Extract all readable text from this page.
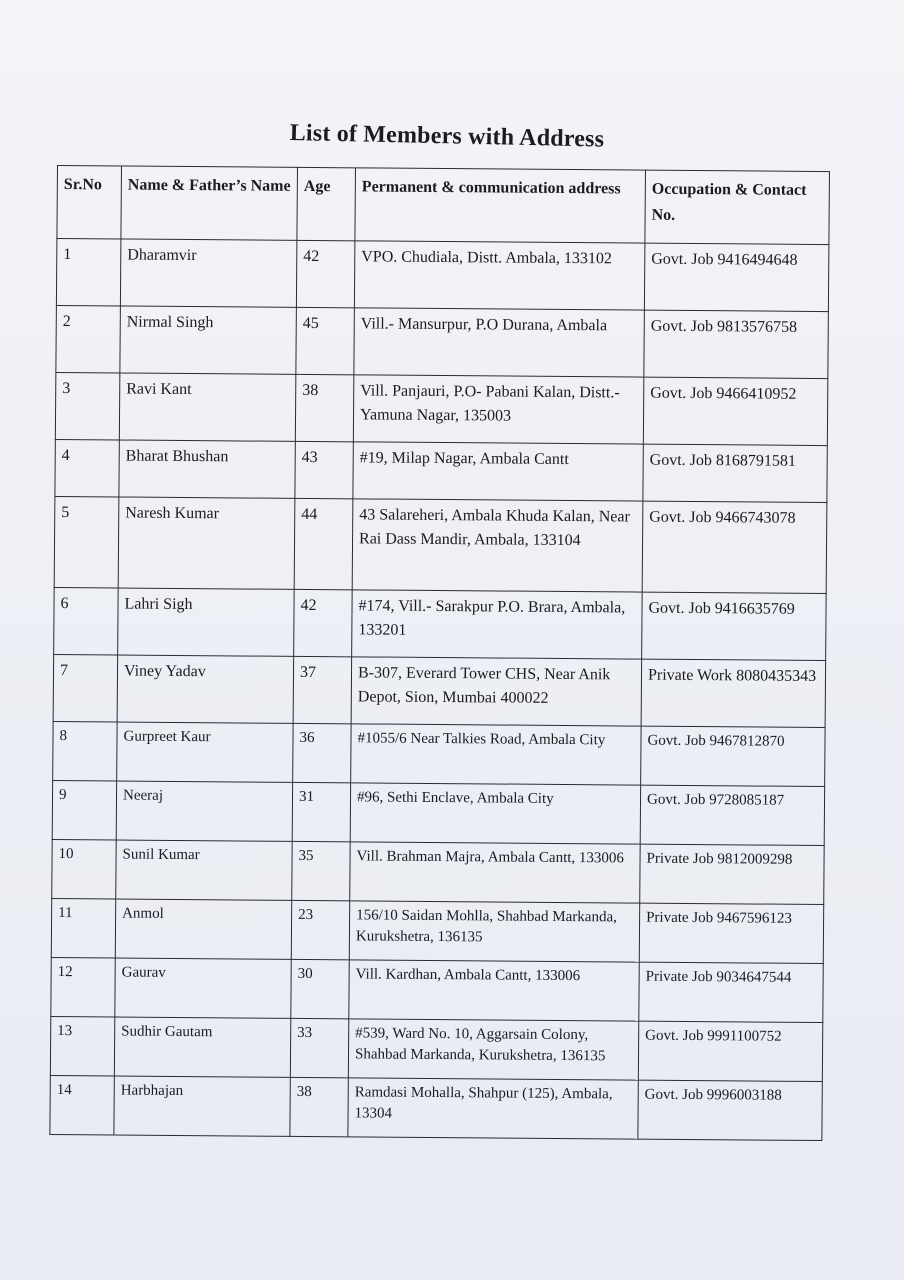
List of Members with Address
Sr.No	Name & Father’s Name	Age	Permanent & communication address	Occupation & Contact No.
1	Dharamvir	42	VPO. Chudiala, Distt. Ambala, 133102	Govt. Job 9416494648
2	Nirmal Singh	45	Vill.- Mansurpur, P.O Durana, Ambala	Govt. Job 9813576758
3	Ravi Kant	38	Vill. Panjauri, P.O- Pabani Kalan, Distt.- Yamuna Nagar, 135003	Govt. Job 9466410952
4	Bharat Bhushan	43	#19, Milap Nagar, Ambala Cantt	Govt. Job 8168791581
5	Naresh Kumar	44	43 Salareheri, Ambala Khuda Kalan, Near Rai Dass Mandir, Ambala, 133104	Govt. Job 9466743078
6	Lahri Sigh	42	#174, Vill.- Sarakpur P.O. Brara, Ambala, 133201	Govt. Job 9416635769
7	Viney Yadav	37	B-307, Everard Tower CHS, Near Anik Depot, Sion, Mumbai 400022	Private Work 8080435343
8	Gurpreet Kaur	36	#1055/6 Near Talkies Road, Ambala City	Govt. Job 9467812870
9	Neeraj	31	#96, Sethi Enclave, Ambala City	Govt. Job 9728085187
10	Sunil Kumar	35	Vill. Brahman Majra, Ambala Cantt, 133006	Private Job 9812009298
11	Anmol	23	156/10 Saidan Mohlla, Shahbad Markanda, Kurukshetra, 136135	Private Job 9467596123
12	Gaurav	30	Vill. Kardhan, Ambala Cantt, 133006	Private Job 9034647544
13	Sudhir Gautam	33	#539, Ward No. 10, Aggarsain Colony, Shahbad Markanda, Kurukshetra, 136135	Govt. Job 9991100752
14	Harbhajan	38	Ramdasi Mohalla, Shahpur (125), Ambala, 13304	Govt. Job 9996003188
